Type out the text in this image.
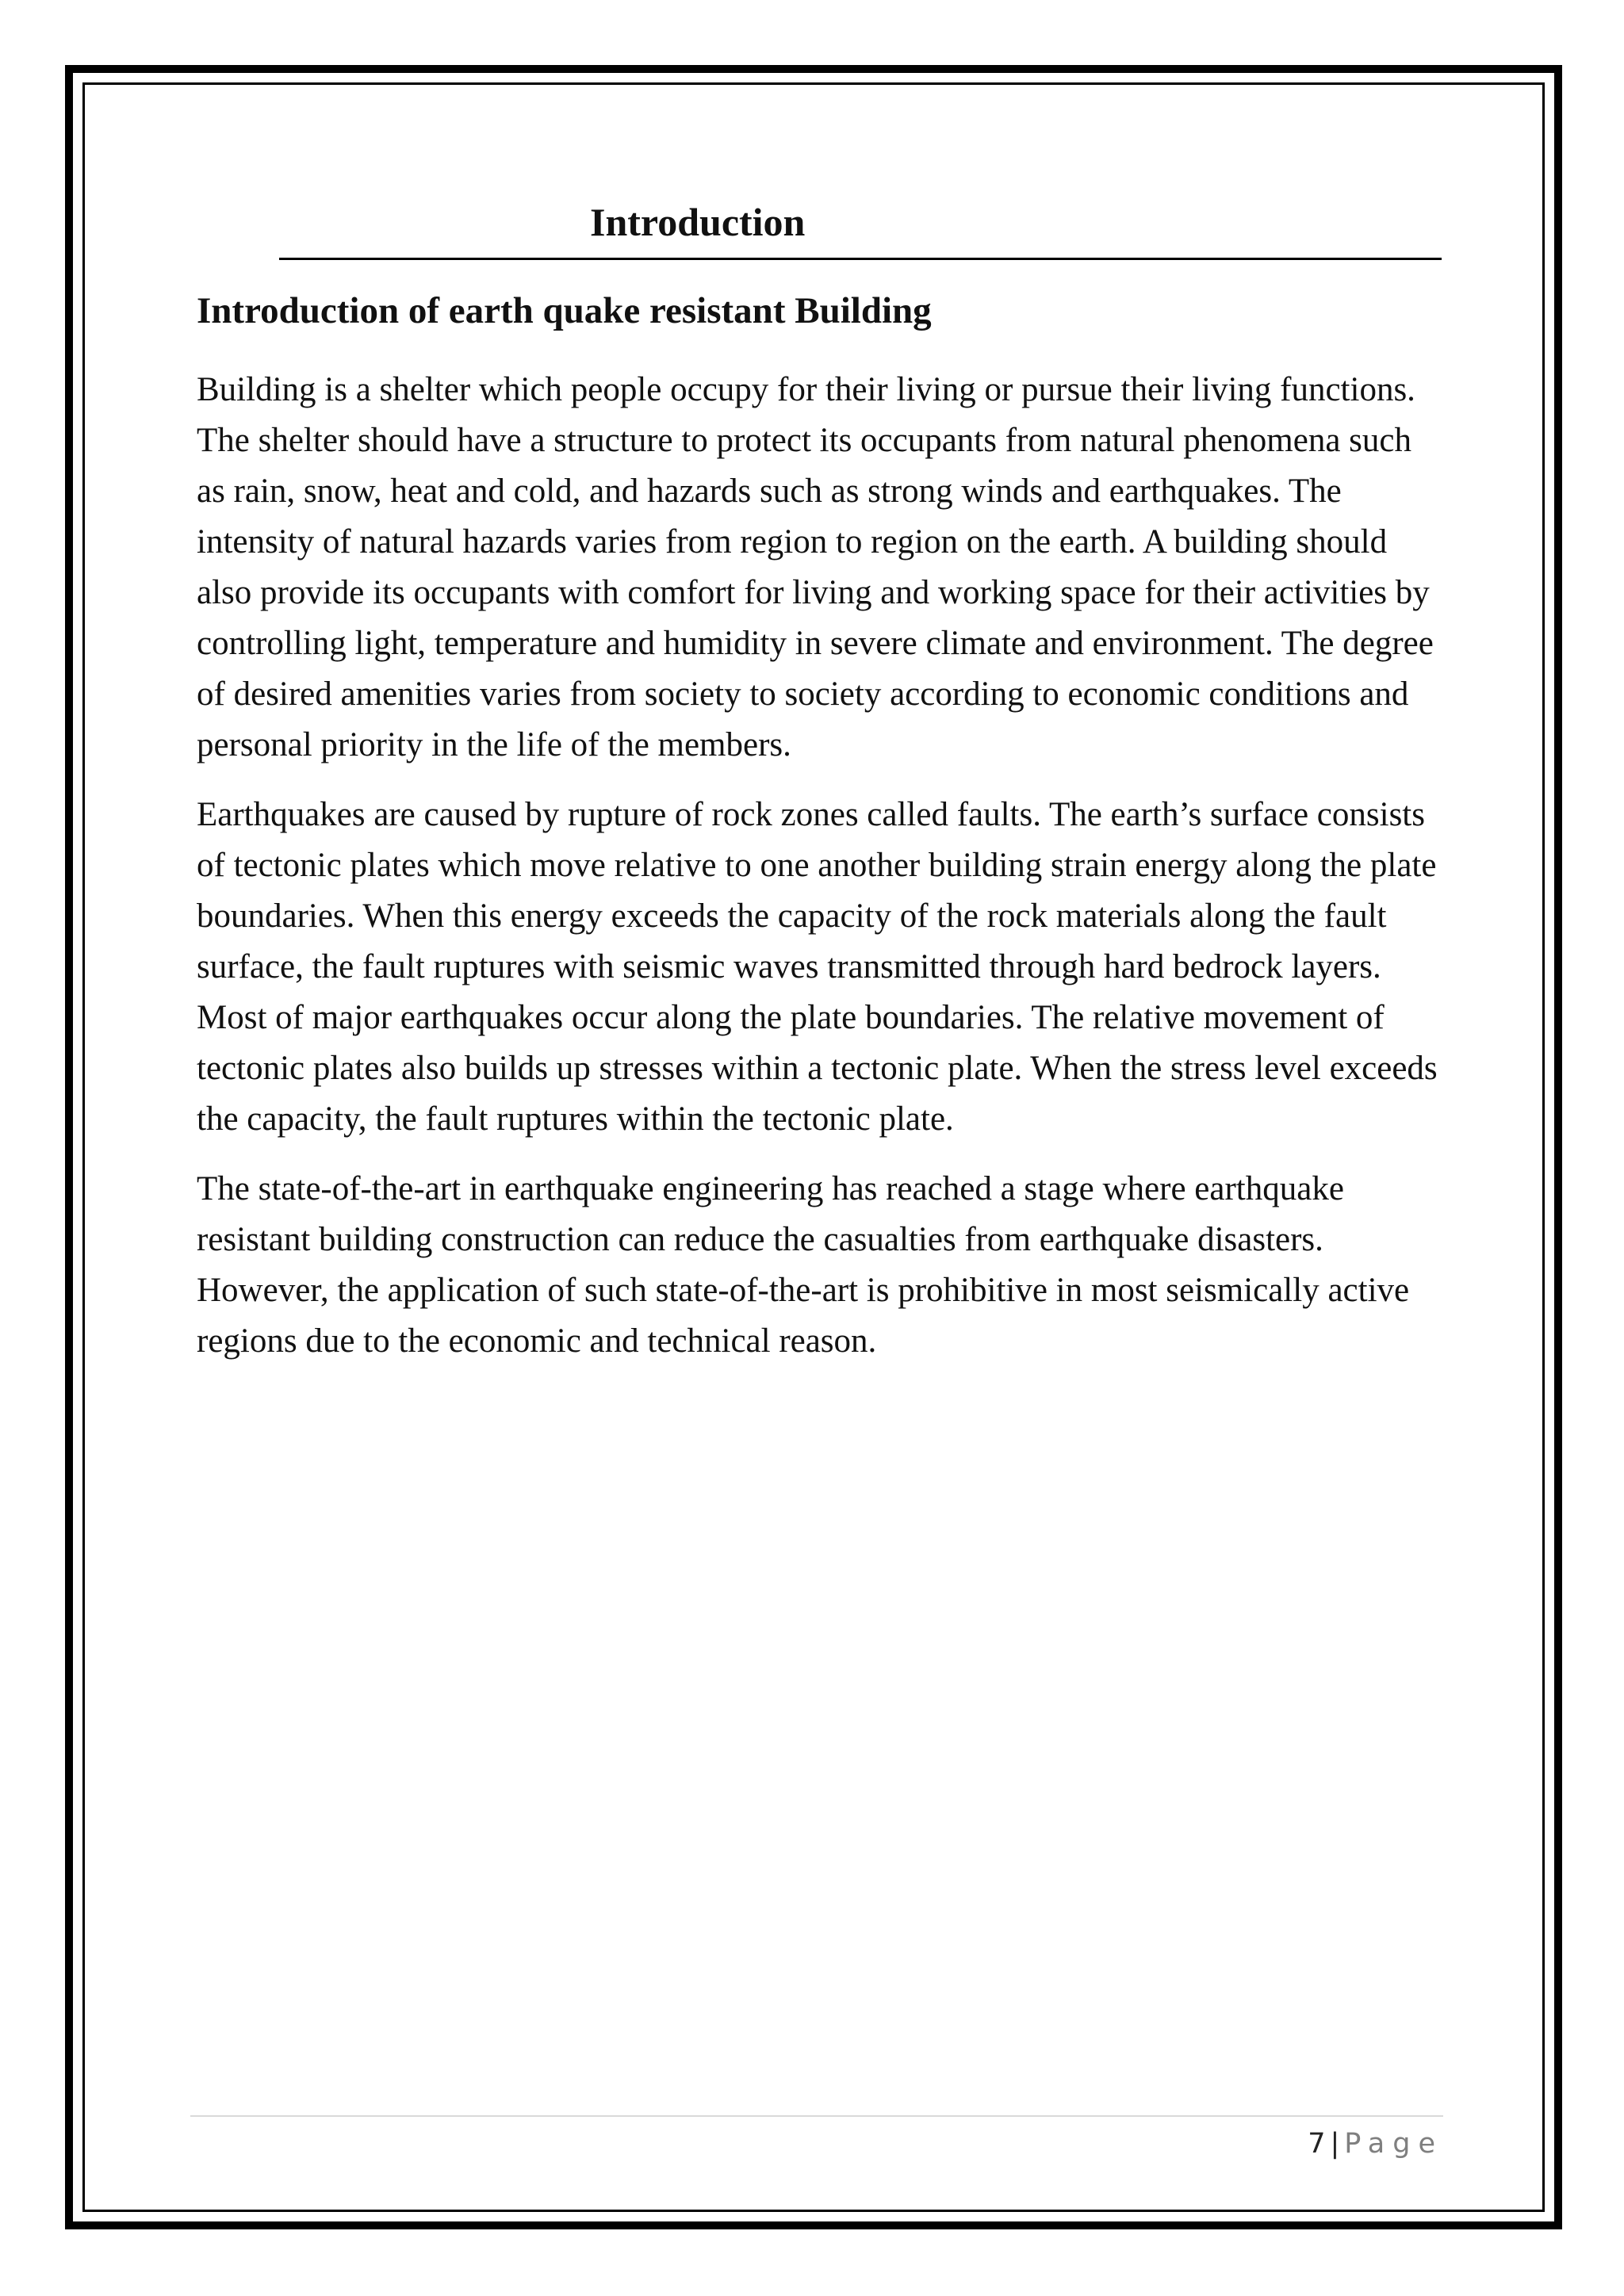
Introduction
Introduction of earth quake resistant Building

Building is a shelter which people occupy for their living or pursue their living functions. The shelter should have a structure to protect its occupants from natural phenomena such as rain, snow, heat and cold, and hazards such as strong winds and earthquakes. The intensity of natural hazards varies from region to region on the earth. A building should also provide its occupants with comfort for living and working space for their activities by controlling light, temperature and humidity in severe climate and environment. The degree of desired amenities varies from society to society according to economic conditions and personal priority in the life of the members.

Earthquakes are caused by rupture of rock zones called faults. The earth’s surface consists of tectonic plates which move relative to one another building strain energy along the plate boundaries. When this energy exceeds the capacity of the rock materials along the fault surface, the fault ruptures with seismic waves transmitted through hard bedrock layers. Most of major earthquakes occur along the plate boundaries. The relative movement of tectonic plates also builds up stresses within a tectonic plate. When the stress level exceeds the capacity, the fault ruptures within the tectonic plate.

The state-of-the-art in earthquake engineering has reached a stage where earthquake resistant building construction can reduce the casualties from earthquake disasters. However, the application of such state-of-the-art is prohibitive in most seismically active regions due to the economic and technical reason.

7 | Page
